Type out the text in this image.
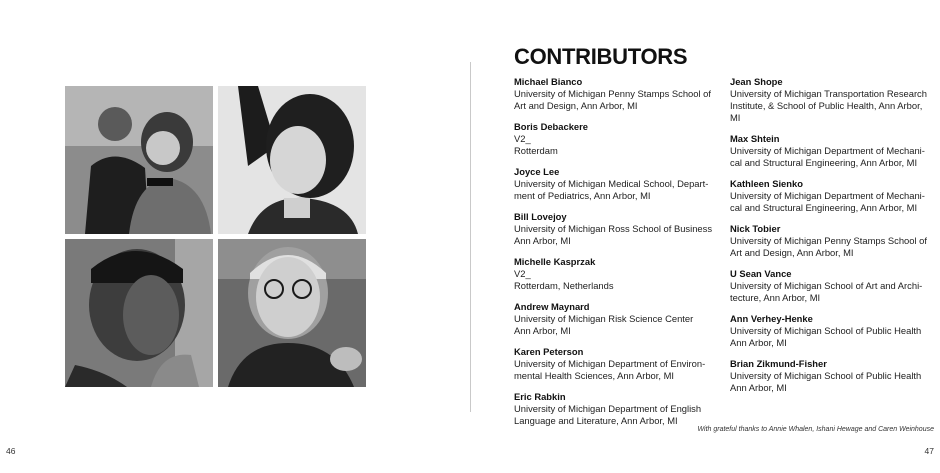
CONTRIBUTORS
Michael Bianco
University of Michigan Penny Stamps School of Art and Design, Ann Arbor, MI
Boris Debackere
V2_
Rotterdam
Joyce Lee
University of Michigan Medical School, Depart-ment of Pediatrics, Ann Arbor, MI
Bill Lovejoy
University of Michigan Ross School of Business
Ann Arbor, MI
Michelle Kasprzak
V2_
Rotterdam, Netherlands
Andrew Maynard
University of Michigan Risk Science Center
Ann Arbor, MI
Karen Peterson
University of Michigan Department of Environ-mental Health Sciences, Ann Arbor, MI
Eric Rabkin
University of Michigan Department of English Language and Literature, Ann Arbor, MI
Jean Shope
University of Michigan Transportation Research Institute, & School of Public Health, Ann Arbor, MI
Max Shtein
University of Michigan Department of Mechani-cal and Structural Engineering, Ann Arbor, MI
Kathleen Sienko
University of Michigan Department of Mechani-cal and Structural Engineering, Ann Arbor, MI
Nick Tobier
University of Michigan Penny Stamps School of Art and Design, Ann Arbor, MI
U Sean Vance
University of Michigan School of Art and Archi-tecture, Ann Arbor, MI
Ann Verhey-Henke
University of Michigan School of Public Health
Ann Arbor, MI
Brian Zikmund-Fisher
University of Michigan School of Public Health
Ann Arbor, MI
With grateful thanks to Annie Whalen, Ishani Hewage and Caren Weinhouse
46	47
